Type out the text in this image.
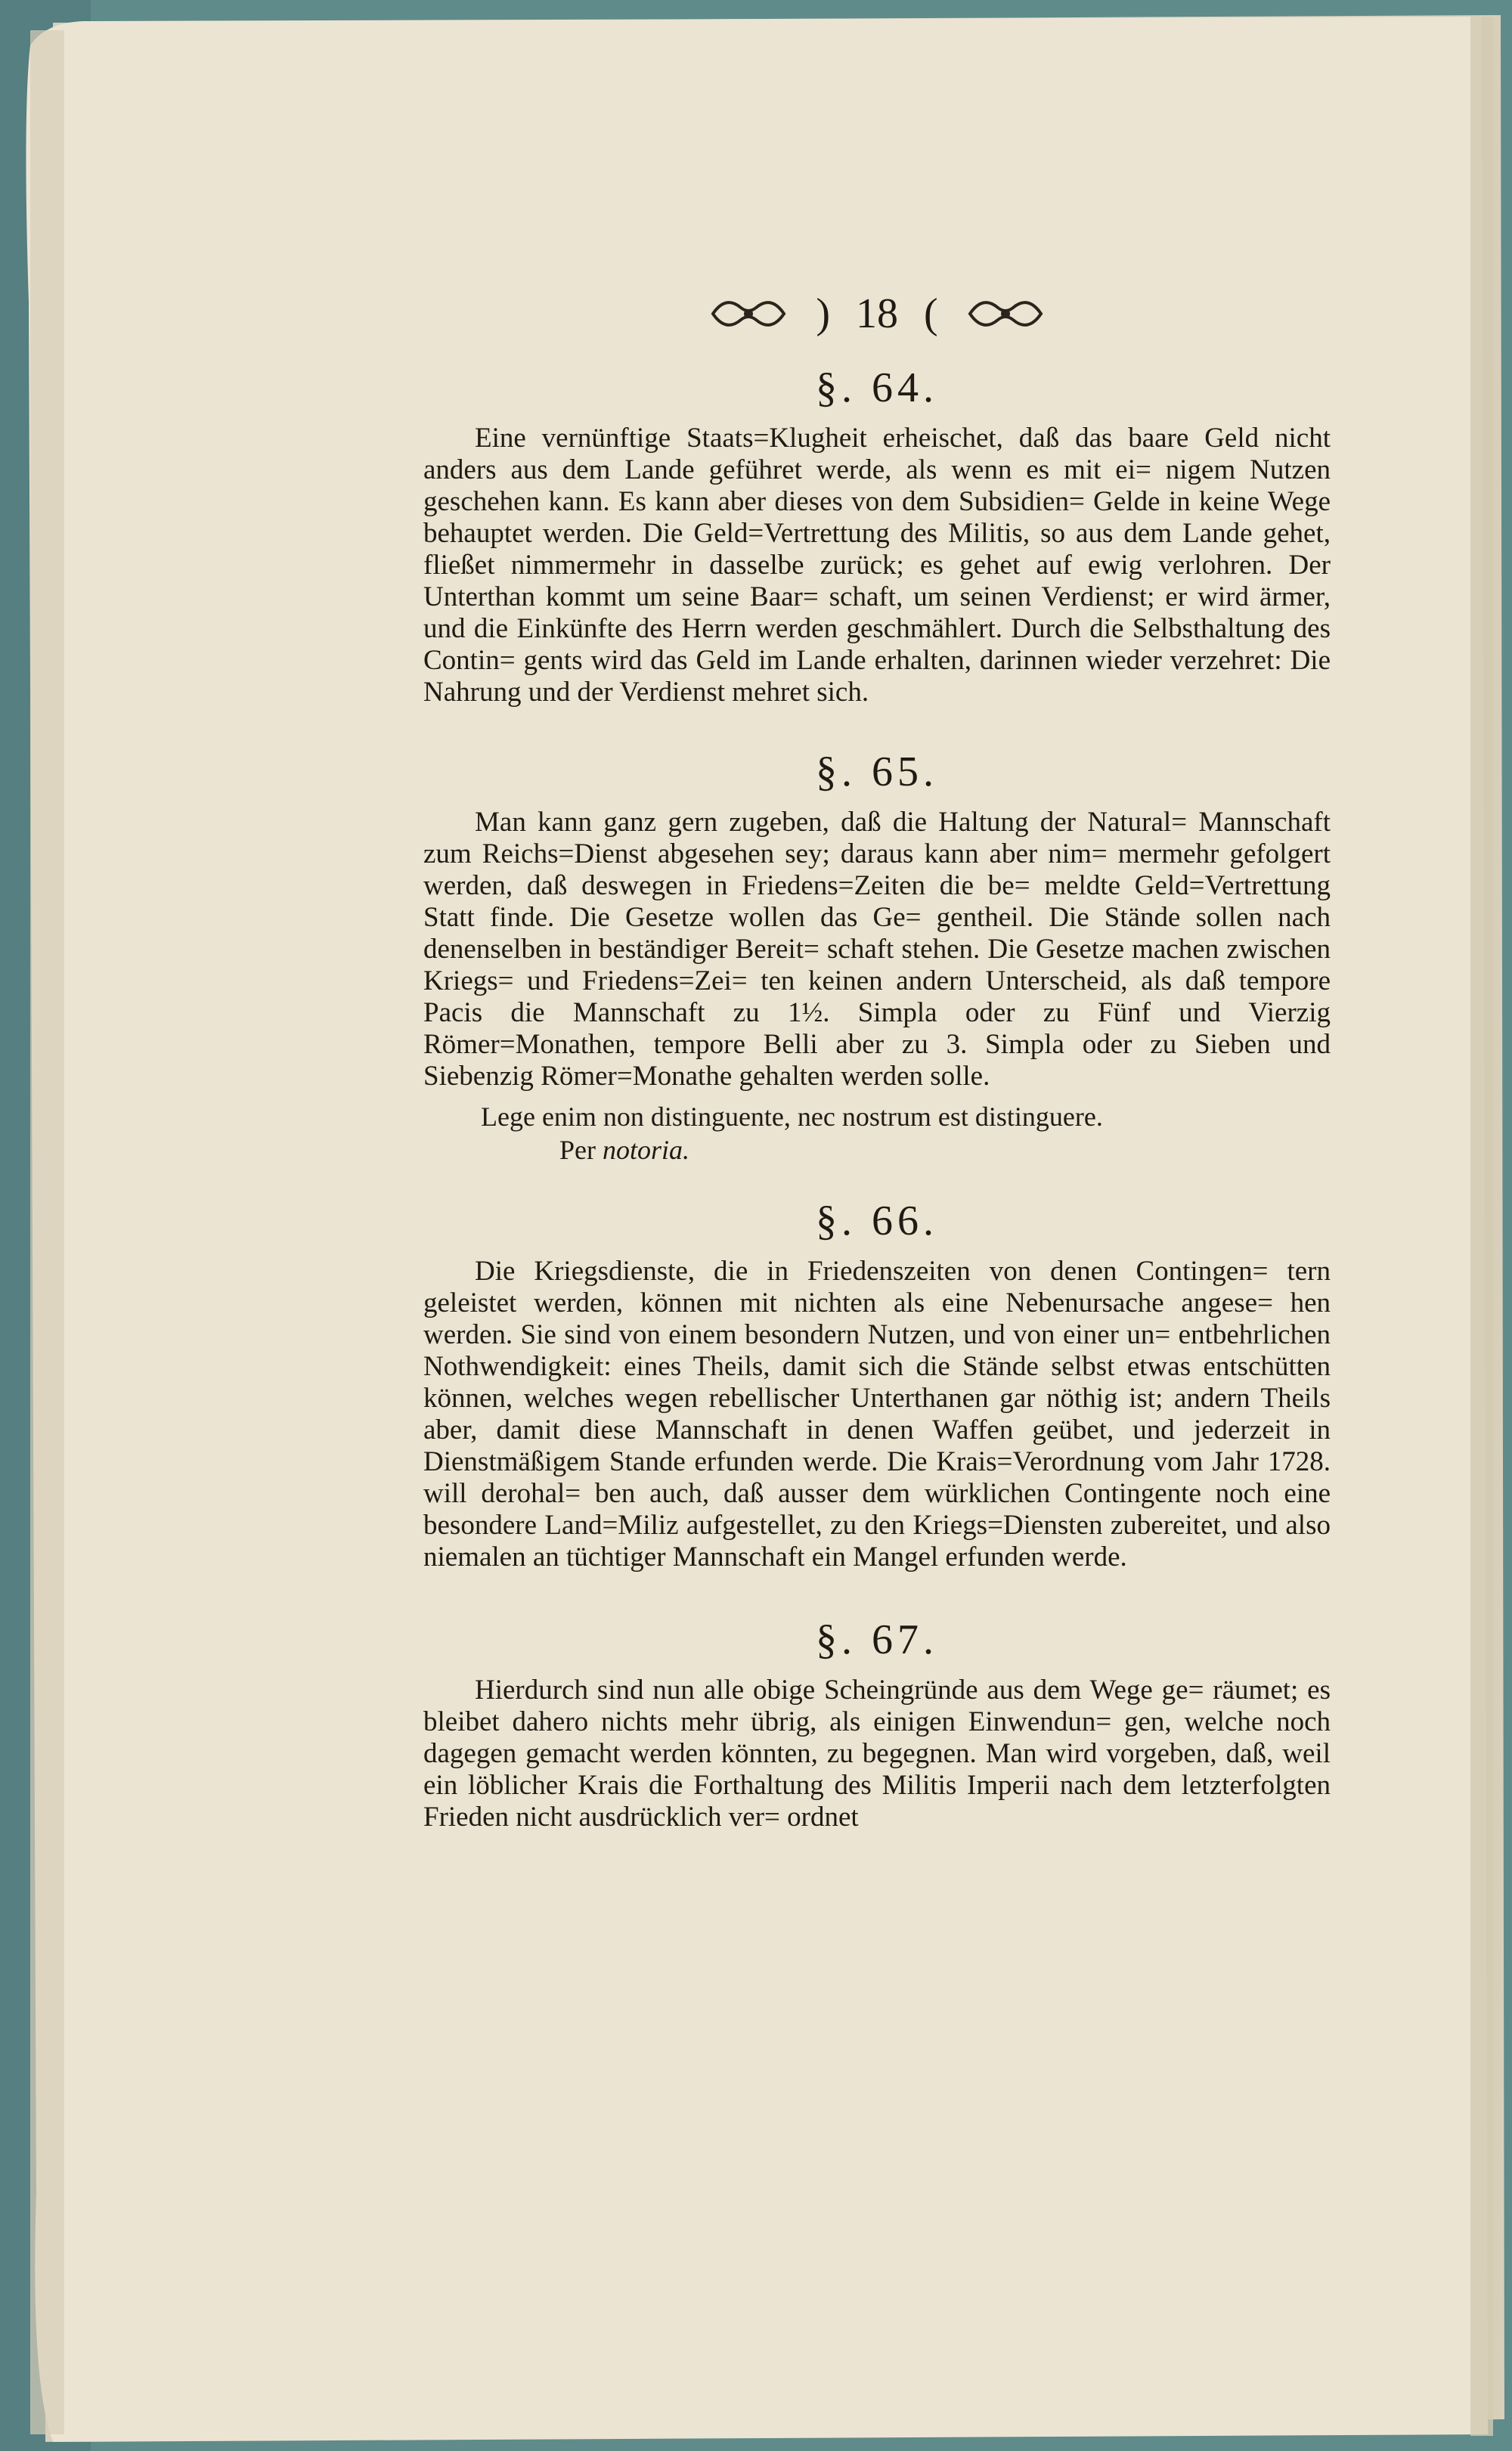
) 18 (
§. 64.

Eine vernünftige Staats=Klugheit erheischet, daß das baare Geld nicht anders aus dem Lande geführet werde, als wenn es mit ei= nigem Nutzen geschehen kann. Es kann aber dieses von dem Subsidien= Gelde in keine Wege behauptet werden. Die Geld=Vertrettung des Militis, so aus dem Lande gehet, fließet nimmermehr in dasselbe zurück; es gehet auf ewig verlohren. Der Unterthan kommt um seine Baar= schaft, um seinen Verdienst; er wird ärmer, und die Einkünfte des Herrn werden geschmählert. Durch die Selbsthaltung des Contin= gents wird das Geld im Lande erhalten, darinnen wieder verzehret: Die Nahrung und der Verdienst mehret sich.

§. 65.

Man kann ganz gern zugeben, daß die Haltung der Natural= Mannschaft zum Reichs=Dienst abgesehen sey; daraus kann aber nim= mermehr gefolgert werden, daß deswegen in Friedens=Zeiten die be= meldte Geld=Vertrettung Statt finde. Die Gesetze wollen das Ge= gentheil. Die Stände sollen nach denenselben in beständiger Bereit= schaft stehen. Die Gesetze machen zwischen Kriegs= und Friedens=Zei= ten keinen andern Unterscheid, als daß tempore Pacis die Mannschaft zu 1½. Simpla oder zu Fünf und Vierzig Römer=Monathen, tempore Belli aber zu 3. Simpla oder zu Sieben und Siebenzig Römer=Monathe gehalten werden solle.

Lege enim non distinguente, nec nostrum est distinguere.
Per notoria.
§. 66.

Die Kriegsdienste, die in Friedenszeiten von denen Contingen= tern geleistet werden, können mit nichten als eine Nebenursache angese= hen werden. Sie sind von einem besondern Nutzen, und von einer un= entbehrlichen Nothwendigkeit: eines Theils, damit sich die Stände selbst etwas entschütten können, welches wegen rebellischer Unterthanen gar nöthig ist; andern Theils aber, damit diese Mannschaft in denen Waffen geübet, und jederzeit in Dienstmäßigem Stande erfunden werde. Die Krais=Verordnung vom Jahr 1728. will derohal= ben auch, daß ausser dem würklichen Contingente noch eine besondere Land=Miliz aufgestellet, zu den Kriegs=Diensten zubereitet, und also niemalen an tüchtiger Mannschaft ein Mangel erfunden werde.

§. 67.

Hierdurch sind nun alle obige Scheingründe aus dem Wege ge= räumet; es bleibet dahero nichts mehr übrig, als einigen Einwendun= gen, welche noch dagegen gemacht werden könnten, zu begegnen. Man wird vorgeben, daß, weil ein löblicher Krais die Forthaltung des Militis Imperii nach dem letzterfolgten Frieden nicht ausdrücklich ver= ordnet
